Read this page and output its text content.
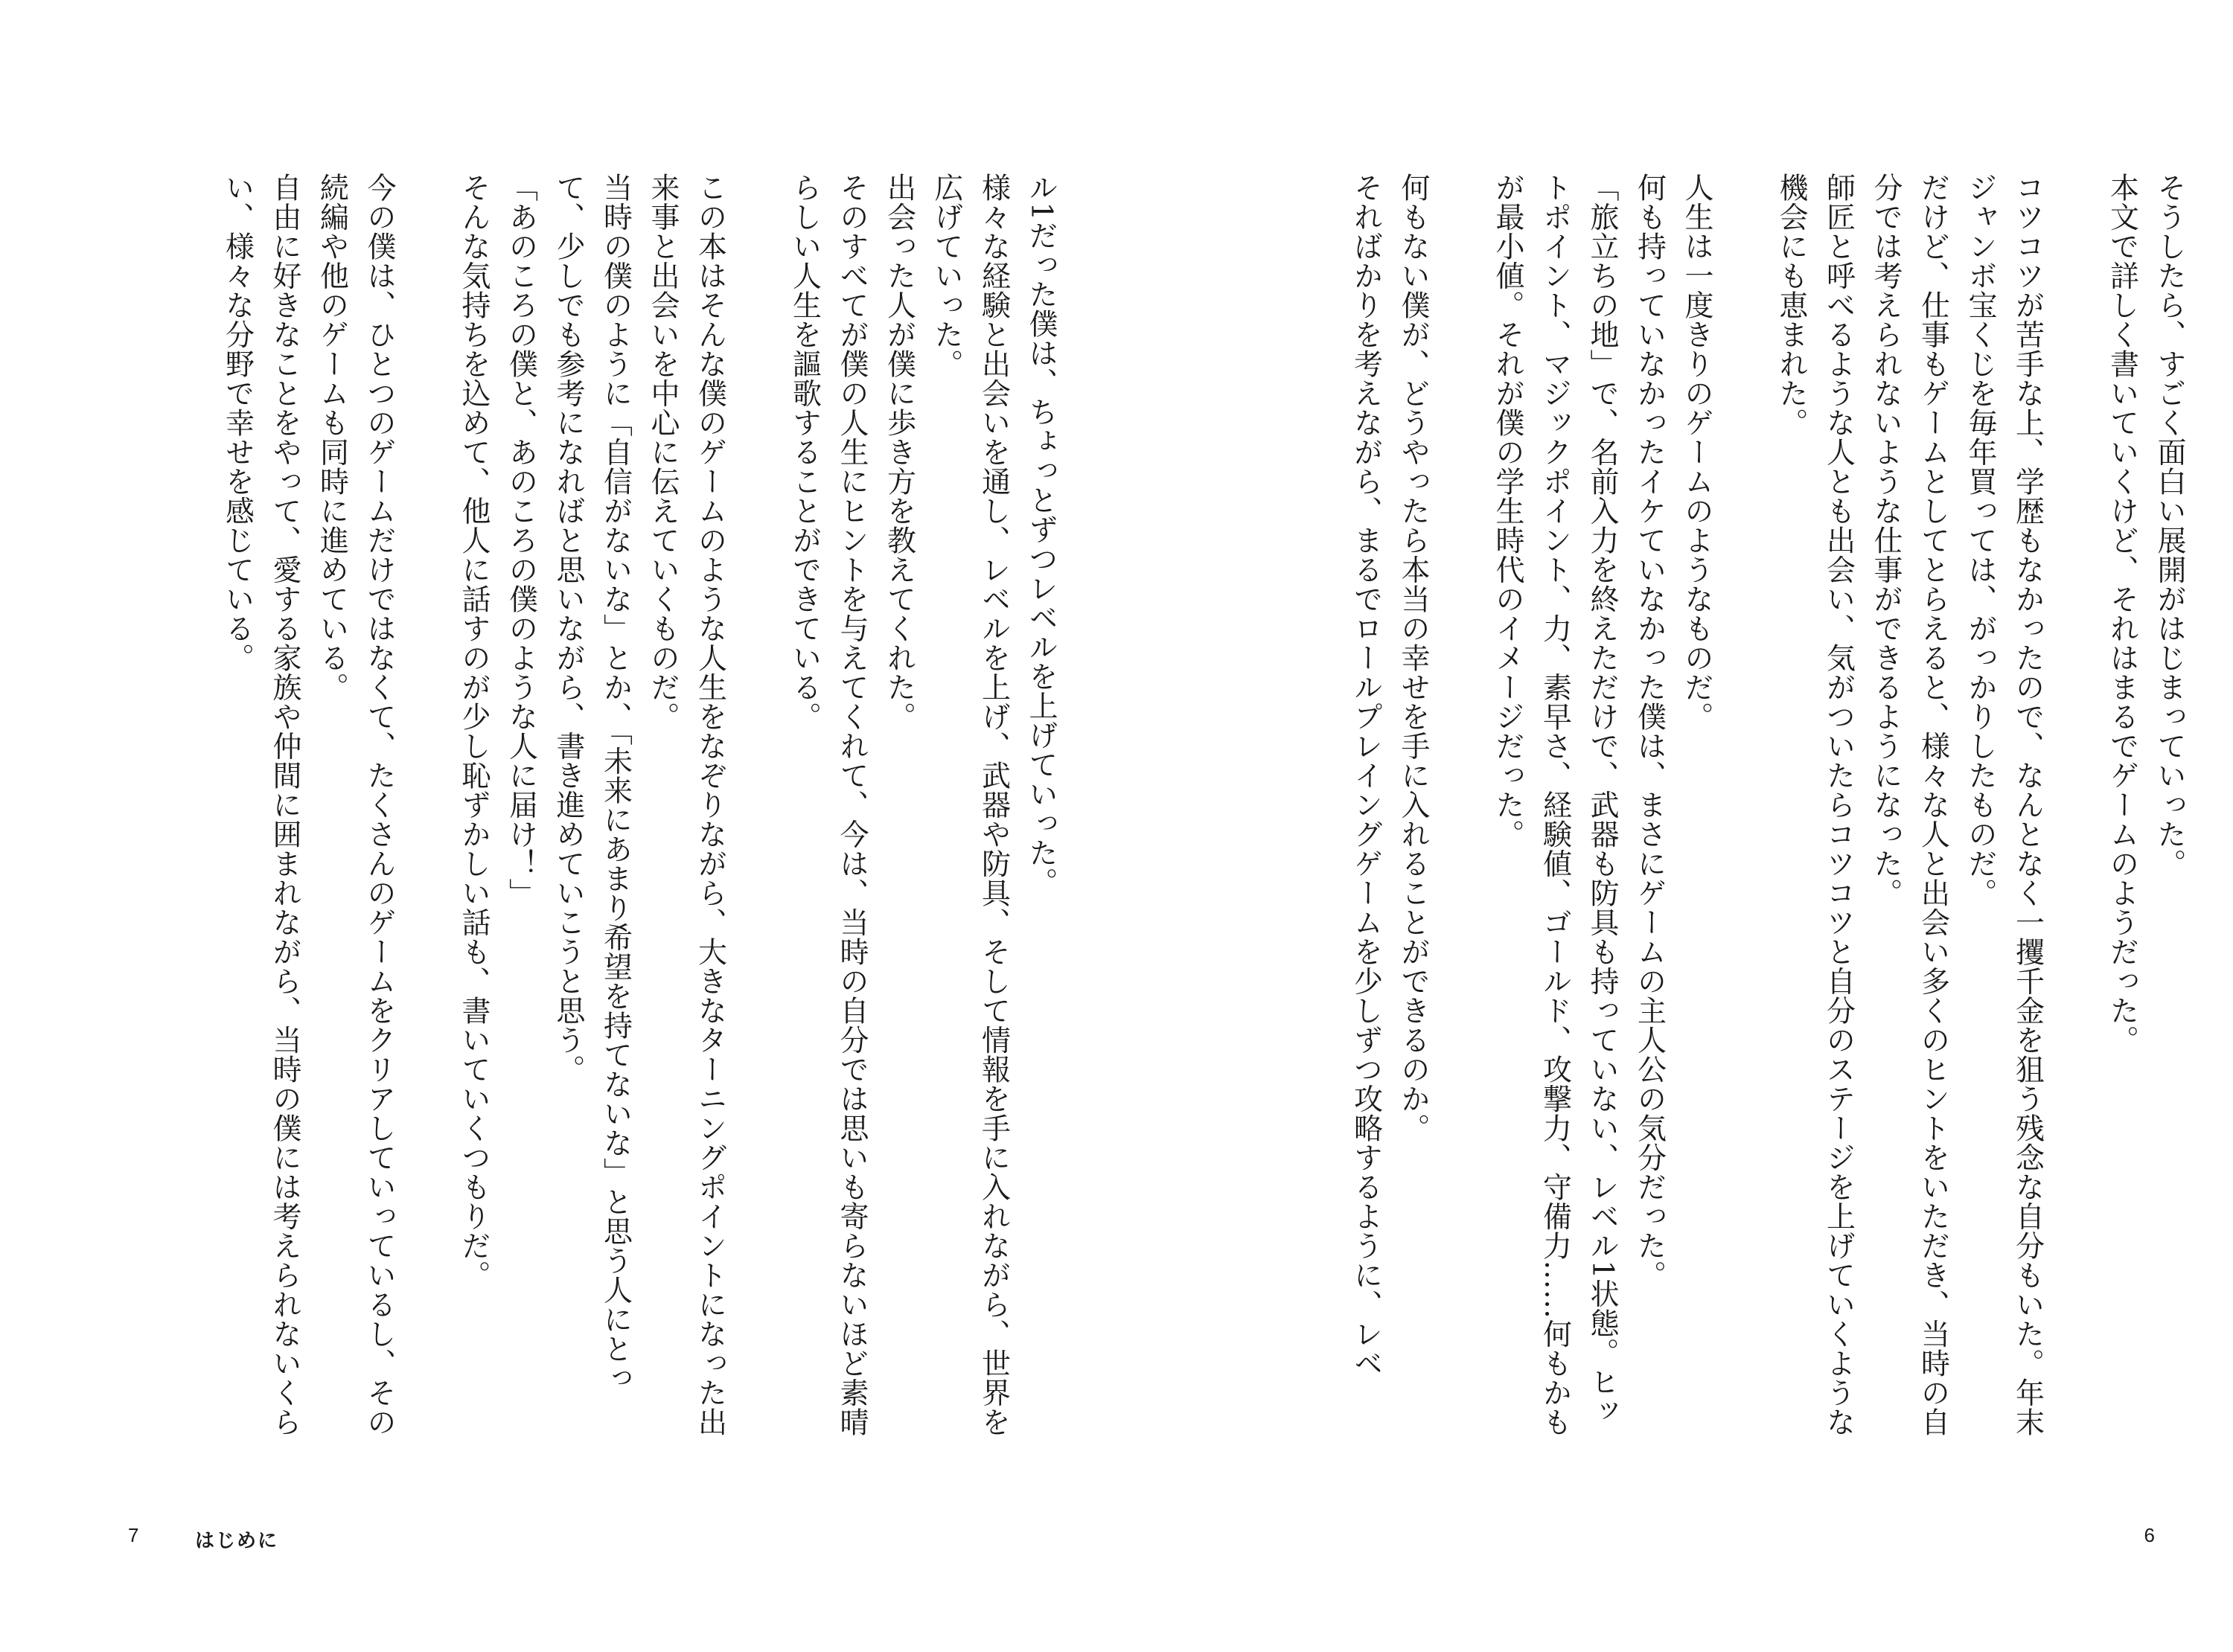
ル1だった僕は、ちょっとずつレベルを上げていった。

様々な経験と出会いを通し、レベルを上げ、武器や防具、そして情報を手に入れながら、世界を広げていった。

出会った人が僕に歩き方を教えてくれた。

そのすべてが僕の人生にヒントを与えてくれて、今は、当時の自分では思いも寄らないほど素晴らしい人生を謳歌することができている。

この本はそんな僕のゲームのような人生をなぞりながら、大きなターニングポイントになった出来事と出会いを中心に伝えていくものだ。

当時の僕のように「自信がないな」とか、「未来にあまり希望を持てないな」と思う人にとって、少しでも参考になればと思いながら、書き進めていこうと思う。

「あのころの僕と、あのころの僕のような人に届け！」

そんな気持ちを込めて、他人に話すのが少し恥ずかしい話も、書いていくつもりだ。

今の僕は、ひとつのゲームだけではなくて、たくさんのゲームをクリアしていっているし、その続編や他のゲームも同時に進めている。

自由に好きなことをやって、愛する家族や仲間に囲まれながら、当時の僕には考えられないくらい、様々な分野で幸せを感じている。

7	はじめに

そうしたら、すごく面白い展開がはじまっていった。

本文で詳しく書いていくけど、それはまるでゲームのようだった。

コツコツが苦手な上、学歴もなかったので、なんとなく一攫千金を狙う残念な自分もいた。年末ジャンボ宝くじを毎年買っては、がっかりしたものだ。

だけど、仕事もゲームとしてとらえると、様々な人と出会い多くのヒントをいただき、当時の自分では考えられないような仕事ができるようになった。

師匠と呼べるような人とも出会い、気がついたらコツコツと自分のステージを上げていくような機会にも恵まれた。

人生は一度きりのゲームのようなものだ。

何も持っていなかったイケていなかった僕は、まさにゲームの主人公の気分だった。

「旅立ちの地」で、名前入力を終えただけで、武器も防具も持っていない、レベル1状態。ヒットポイント、マジックポイント、力、素早さ、経験値、ゴールド、攻撃力、守備力……何もかもが最小値。それが僕の学生時代のイメージだった。

何もない僕が、どうやったら本当の幸せを手に入れることができるのか。

そればかりを考えながら、まるでロールプレイングゲームを少しずつ攻略するように、レベ

6
